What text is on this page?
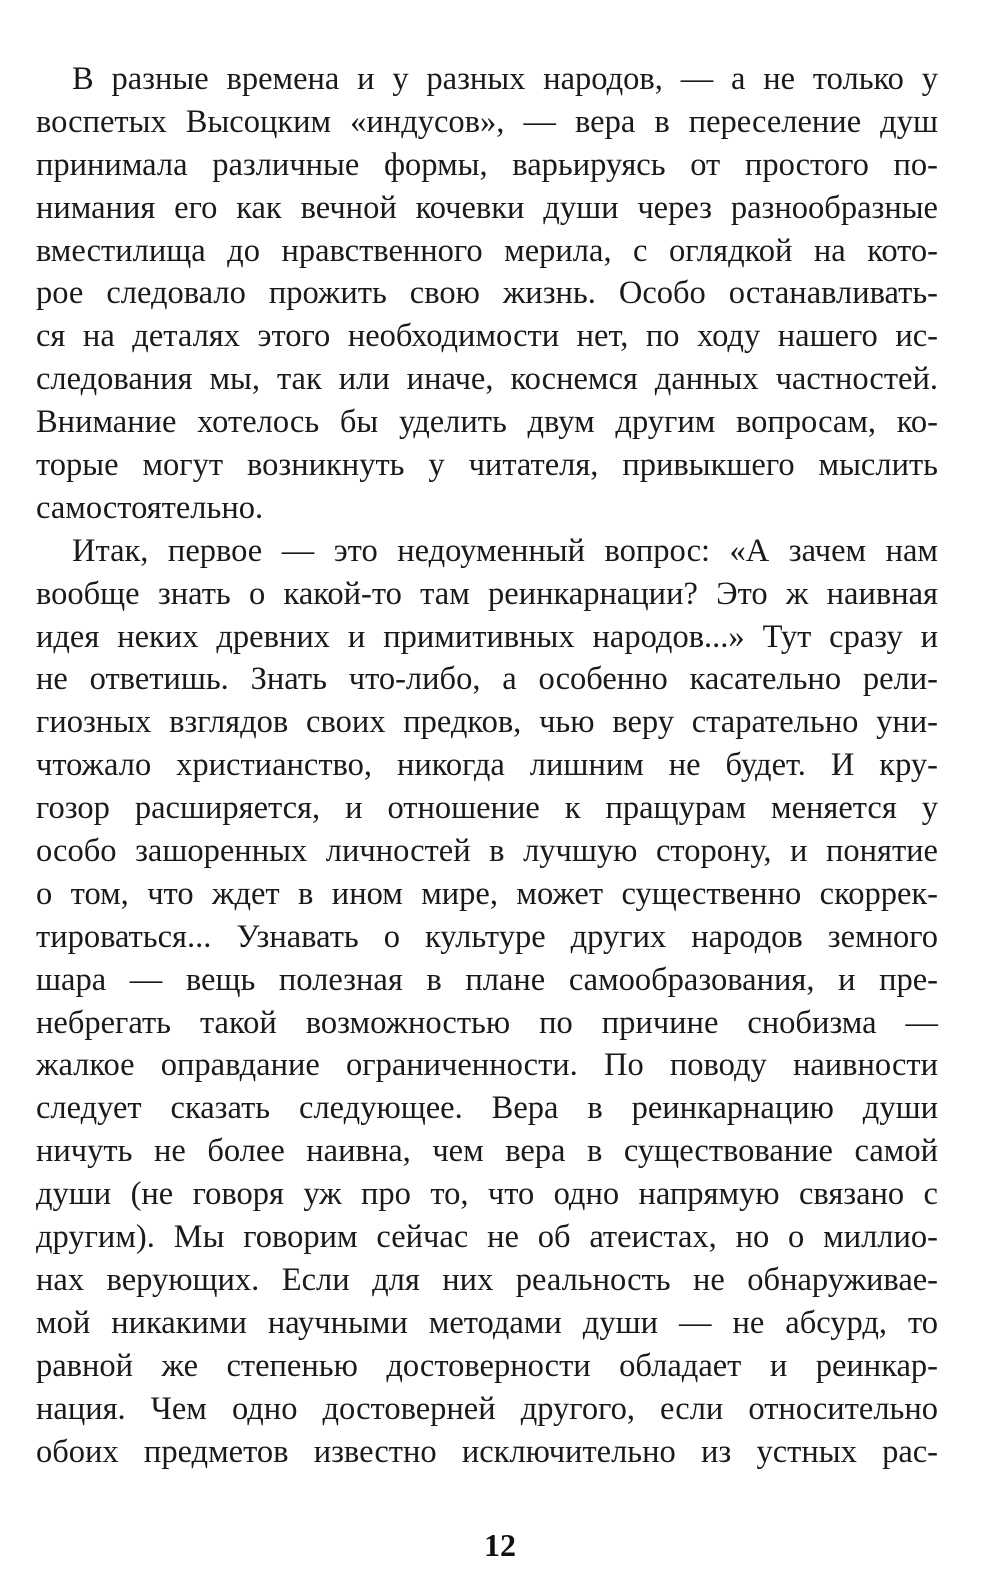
В разные времена и у разных народов, — а не только у
воспетых Высоцким «индусов», — вера в переселение душ
принимала различные формы, варьируясь от простого по-
нимания его как вечной кочевки души через разнообразные
вместилища до нравственного мерила, с оглядкой на кото-
рое следовало прожить свою жизнь. Особо останавливать-
ся на деталях этого необходимости нет, по ходу нашего ис-
следования мы, так или иначе, коснемся данных частностей.
Внимание хотелось бы уделить двум другим вопросам, ко-
торые могут возникнуть у читателя, привыкшего мыслить
самостоятельно.
Итак, первое — это недоуменный вопрос: «А зачем нам
вообще знать о какой-то там реинкарнации? Это ж наивная
идея неких древних и примитивных народов...» Тут сразу и
не ответишь. Знать что-либо, а особенно касательно рели-
гиозных взглядов своих предков, чью веру старательно уни-
чтожало христианство, никогда лишним не будет. И кру-
гозор расширяется, и отношение к пращурам меняется у
особо зашоренных личностей в лучшую сторону, и понятие
о том, что ждет в ином мире, может существенно скоррек-
тироваться... Узнавать о культуре других народов земного
шара — вещь полезная в плане самообразования, и пре-
небрегать такой возможностью по причине снобизма —
жалкое оправдание ограниченности. По поводу наивности
следует сказать следующее. Вера в реинкарнацию души
ничуть не более наивна, чем вера в существование самой
души (не говоря уж про то, что одно напрямую связано с
другим). Мы говорим сейчас не об атеистах, но о миллио-
нах верующих. Если для них реальность не обнаруживае-
мой никакими научными методами души — не абсурд, то
равной же степенью достоверности обладает и реинкар-
нация. Чем одно достоверней другого, если относительно
обоих предметов известно исключительно из устных рас-
12
